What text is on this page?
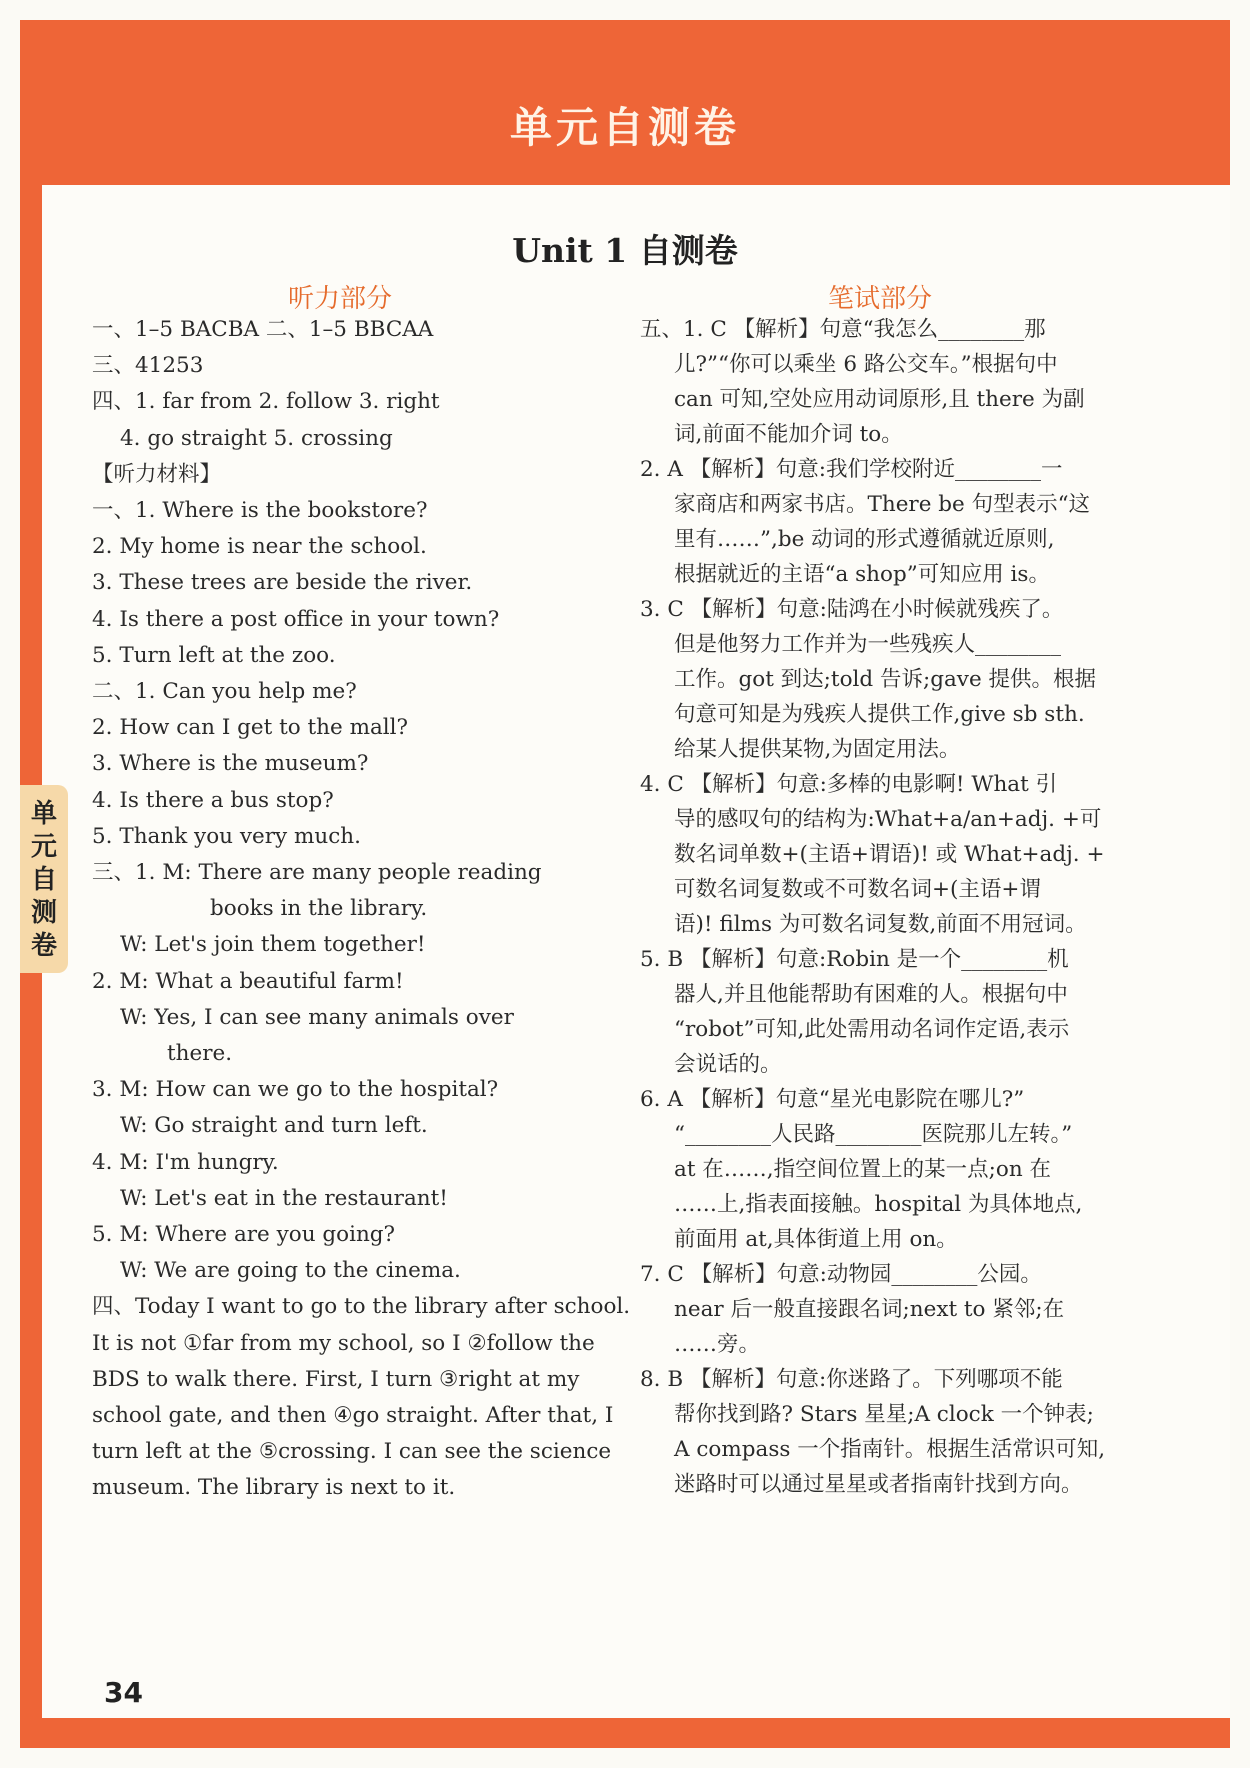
单元自测卷
单元自测卷
Unit 1 自测卷
听力部分	笔试部分
一、1–5 BACBA 二、1–5 BBCAA
三、41253
四、1. far from 2. follow 3. right
4. go straight 5. crossing
【听力材料】
一、1. Where is the bookstore?
2. My home is near the school.
3. These trees are beside the river.
4. Is there a post office in your town?
5. Turn left at the zoo.
二、1. Can you help me?
2. How can I get to the mall?
3. Where is the museum?
4. Is there a bus stop?
5. Thank you very much.
三、1. M: There are many people reading
books in the library.
W: Let's join them together!
2. M: What a beautiful farm!
W: Yes, I can see many animals over
there.
3. M: How can we go to the hospital?
W: Go straight and turn left.
4. M: I'm hungry.
W: Let's eat in the restaurant!
5. M: Where are you going?
W: We are going to the cinema.
四、Today I want to go to the library after school.
It is not ①far from my school, so I ②follow the
BDS to walk there. First, I turn ③right at my
school gate, and then ④go straight. After that, I
turn left at the ⑤crossing. I can see the science
museum. The library is next to it.
五、1. C 【解析】句意“我怎么________那
儿?”“你可以乘坐 6 路公交车。”根据句中
can 可知,空处应用动词原形,且 there 为副
词,前面不能加介词 to。
2. A 【解析】句意:我们学校附近________一
家商店和两家书店。There be 句型表示“这
里有……”,be 动词的形式遵循就近原则,
根据就近的主语“a shop”可知应用 is。
3. C 【解析】句意:陆鸿在小时候就残疾了。
但是他努力工作并为一些残疾人________
工作。got 到达;told 告诉;gave 提供。根据
句意可知是为残疾人提供工作,give sb sth.
给某人提供某物,为固定用法。
4. C 【解析】句意:多棒的电影啊! What 引
导的感叹句的结构为:What+a/an+adj. +可
数名词单数+(主语+谓语)! 或 What+adj. +
可数名词复数或不可数名词+(主语+谓
语)! films 为可数名词复数,前面不用冠词。
5. B 【解析】句意:Robin 是一个________机
器人,并且他能帮助有困难的人。根据句中
“robot”可知,此处需用动名词作定语,表示
会说话的。
6. A 【解析】句意“星光电影院在哪儿?”
“________人民路________医院那儿左转。”
at 在……,指空间位置上的某一点;on 在
……上,指表面接触。hospital 为具体地点,
前面用 at,具体街道上用 on。
7. C 【解析】句意:动物园________公园。
near 后一般直接跟名词;next to 紧邻;在
……旁。
8. B 【解析】句意:你迷路了。下列哪项不能
帮你找到路? Stars 星星;A clock 一个钟表;
A compass 一个指南针。根据生活常识可知,
迷路时可以通过星星或者指南针找到方向。
34
